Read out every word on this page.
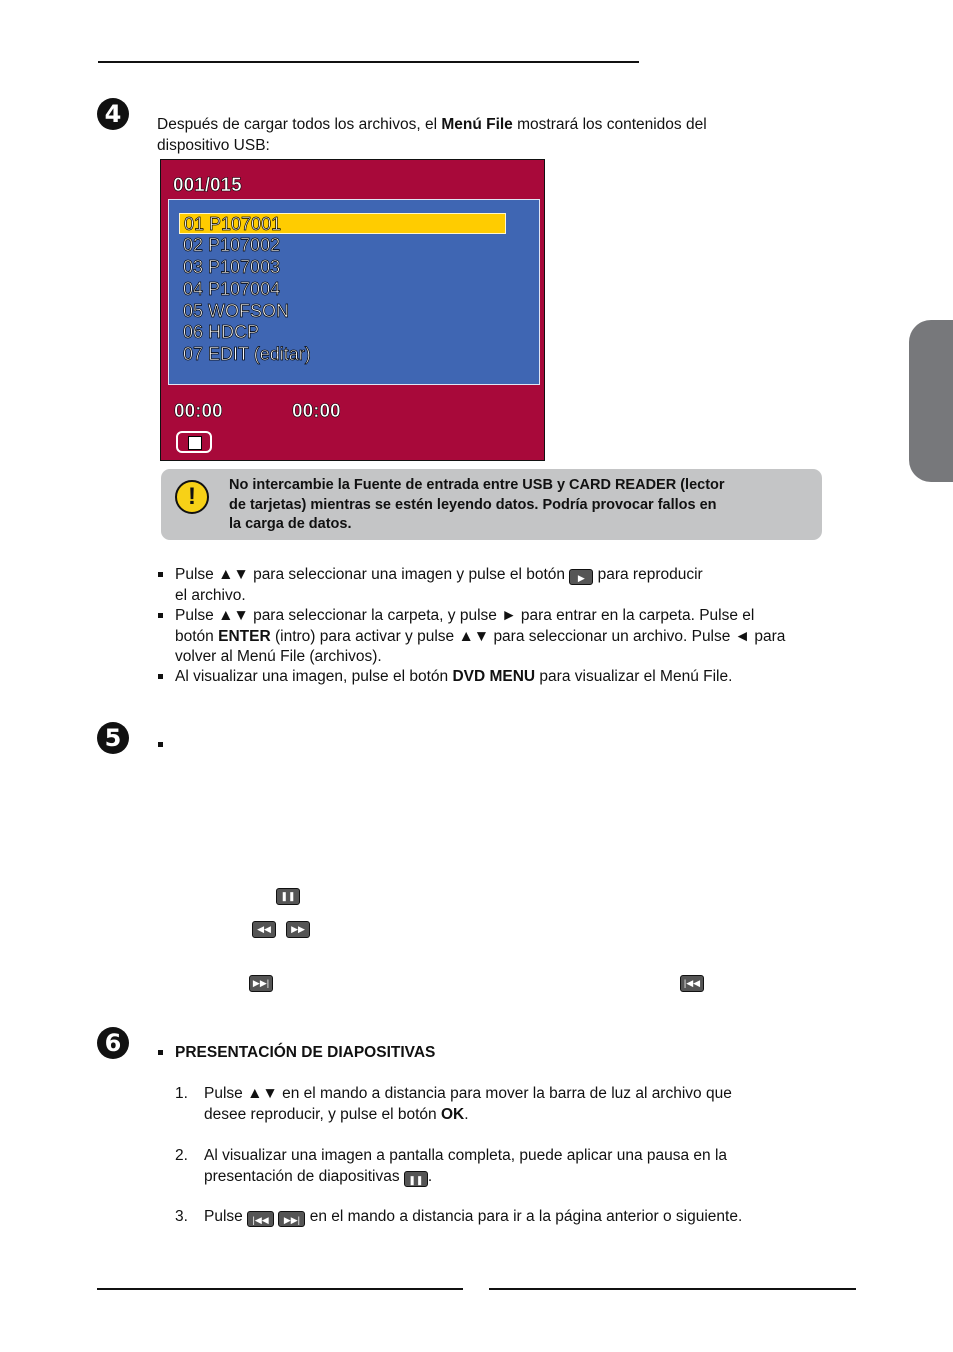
4	Después de cargar todos los archivos, el Menú File mostrará los contenidos del
dispositivo USB:
001/015
01 P107001
02 P107002
03 P107003
04 P107004
05 WOFSON
06 HDCP
07 EDIT (editar)
00:00	00:00
!	No intercambie la Fuente de entrada entre USB y CARD READER (lector
de tarjetas) mientras se estén leyendo datos. Podría provocar fallos en
la carga de datos.
Pulse ▲▼ para seleccionar una imagen y pulse el botón ▶ para reproducir
el archivo.
Pulse ▲▼ para seleccionar la carpeta, y pulse ► para entrar en la carpeta. Pulse el
botón ENTER (intro) para activar y pulse ▲▼ para seleccionar un archivo. Pulse ◄ para
volver al Menú File (archivos).
Al visualizar una imagen, pulse el botón DVD MENU para visualizar el Menú File.
5
❚❚
◀◀	▶▶
▶▶|	|◀◀
6	PRESENTACIÓN DE DIAPOSITIVAS
1. Pulse ▲▼ en el mando a distancia para mover la barra de luz al archivo que
desee reproducir, y pulse el botón OK.
2. Al visualizar una imagen a pantalla completa, puede aplicar una pausa en la
presentación de diapositivas ❚❚ .
3. Pulse |◀◀ ▶▶| en el mando a distancia para ir a la página anterior o siguiente.
